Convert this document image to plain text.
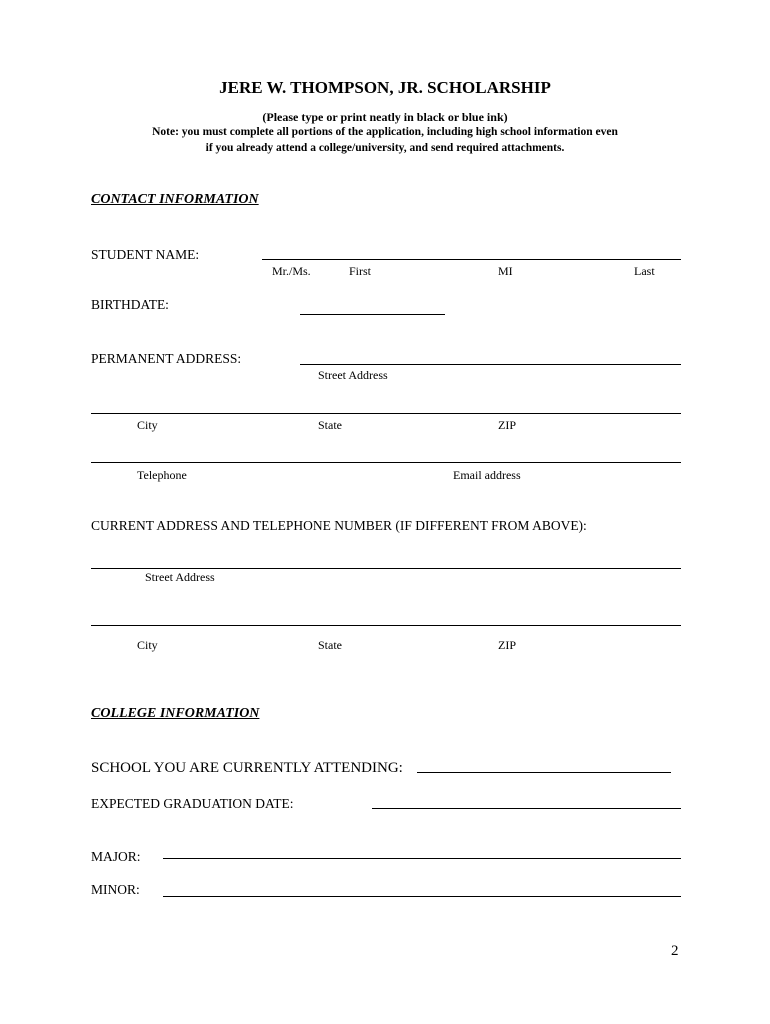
JERE W. THOMPSON, JR. SCHOLARSHIP
(Please type or print neatly in black or blue ink)
Note: you must complete all portions of the application, including high school information even
if you already attend a college/university, and send required attachments.
CONTACT INFORMATION
STUDENT NAME:
Mr./Ms.	First	MI	Last
BIRTHDATE:
PERMANENT ADDRESS:
Street Address
City	State	ZIP
Telephone	Email address
CURRENT ADDRESS AND TELEPHONE NUMBER (IF DIFFERENT FROM ABOVE):
Street Address
City	State	ZIP
COLLEGE INFORMATION
SCHOOL YOU ARE CURRENTLY ATTENDING:
EXPECTED GRADUATION DATE:
MAJOR:
MINOR:
2
